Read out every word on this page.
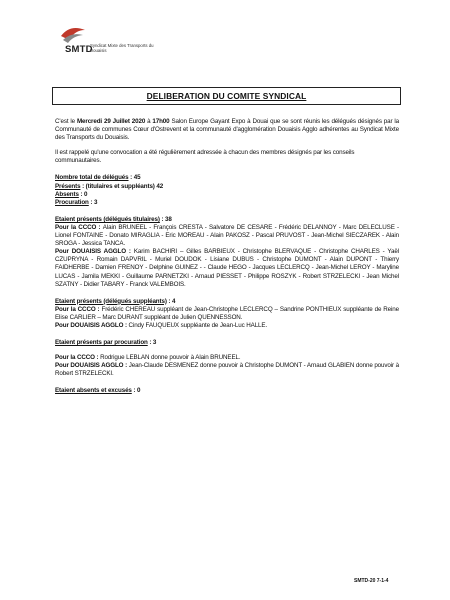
SMTD
Syndicat Mixte des Transports du Douaisis
DELIBERATION DU COMITE SYNDICAL

C'est le Mercredi 29 Juillet 2020 à 17h00 Salon Europe Gayant Expo à Douai que se sont réunis les délégués désignés par la Communauté de communes Cœur d'Ostrevent et la communauté d'agglomération Douaisis Agglo adhérentes au Syndicat Mixte des Transports du Douaisis.

Il est rappelé qu'une convocation a été régulièrement adressée à chacun des membres désignés par les conseils communautaires.

Nombre total de délégués : 45

Présents : (titulaires et suppléants) 42

Absents : 0

Procuration : 3

Etaient présents (délégués titulaires) : 38

Pour la CCCO : Alain BRUNEEL - François CRESTA - Salvatore DE CESARE - Frédéric DELANNOY - Marc DELECLUSE - Lionel FONTAINE - Donato MIRAGLIA - Eric MOREAU - Alain PAKOSZ - Pascal PRUVOST - Jean-Michel SIECZAREK - Alain SROGA - Jessica TANCA.

Pour DOUAISIS AGGLO : Karim BACHIRI – Gilles BARBIEUX - Christophe BLERVAQUE - Christophe CHARLES - Yaël CZUPRYNA - Romain DAPVRIL - Muriel DOUDOK - Lisiane DUBUS - Christophe DUMONT - Alain DUPONT - Thierry FAIDHERBE - Damien FRENOY - Delphine GUINEZ - - Claude HEGO - Jacques LECLERCQ - Jean-Michel LEROY - Maryline LUCAS - Jamila MEKKI - Guillaume PARNETZKI - Arnaud PIESSET - Philippe ROSZYK - Robert STRZELECKI - Jean Michel SZATNY - Didier TABARY - Franck VALEMBOIS.

Etaient présents (délégués suppléants) : 4

Pour la CCCO : Frédéric CHEREAU suppléant de Jean-Christophe LECLERCQ – Sandrine PONTHIEUX suppléante de Reine Elise CARLIER – Marc DURANT suppléant de Julien QUENNESSON.

Pour DOUAISIS AGGLO : Cindy FAUQUEUX suppléante de Jean-Luc HALLE.

Etaient présents par procuration : 3

Pour la CCCO : Rodrigue LEBLAN donne pouvoir à Alain BRUNEEL.

Pour DOUAISIS AGGLO : Jean-Claude DESMENEZ donne pouvoir à Christophe DUMONT - Arnaud GLABIEN donne pouvoir à Robert STRZELECKI.

Etaient absents et excusés : 0

SMTD-20 7-1-4
